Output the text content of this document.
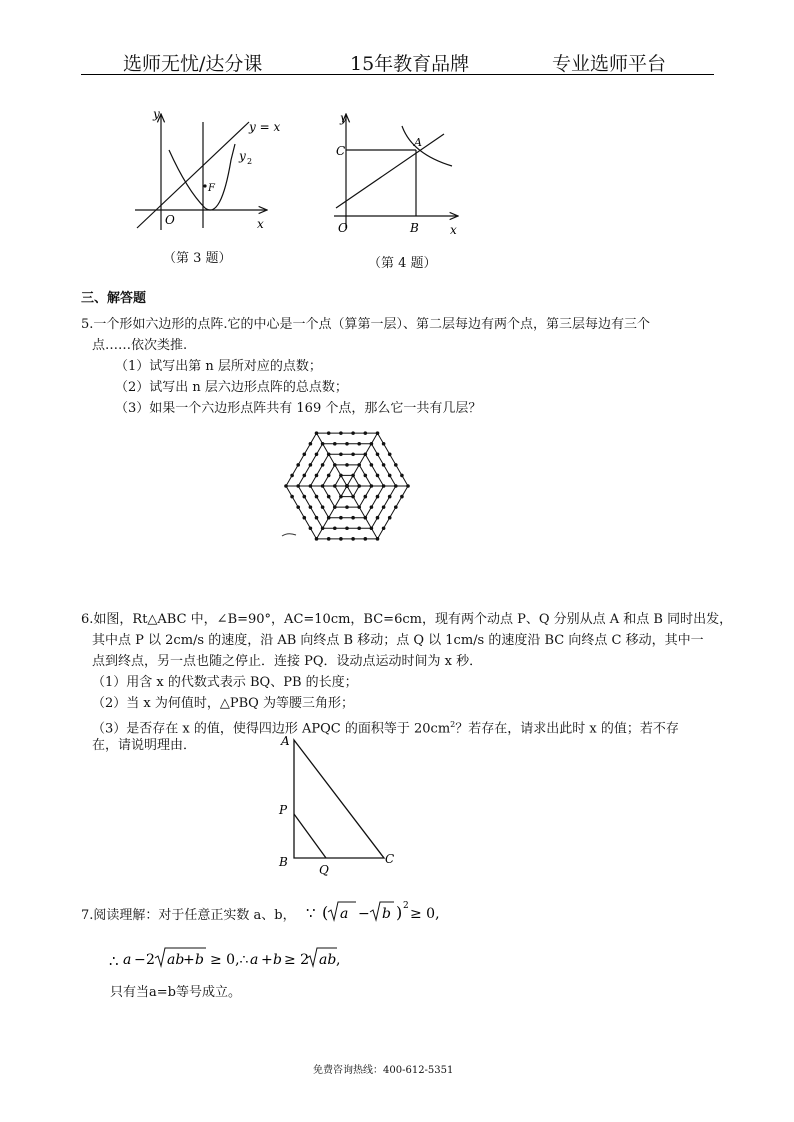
选师无忧/达分课	15年教育品牌	专业选师平台
y
x
O
y = x
y 2
F
（第 3 题）
y
x
O
C
A
B
（第 4 题）
三、解答题
5.一个形如六边形的点阵.它的中心是一个点（算第一层）、第二层每边有两个点，第三层每边有三个
点……依次类推.
（1）试写出第 n 层所对应的点数；
（2）试写出 n 层六边形点阵的总点数；
（3）如果一个六边形点阵共有 169 个点，那么它一共有几层？
6.如图，Rt△ABC 中，∠B=90°，AC=10cm，BC=6cm，现有两个动点 P、Q 分别从点 A 和点 B 同时出发，
其中点 P 以 2cm/s 的速度，沿 AB 向终点 B 移动；点 Q 以 1cm/s 的速度沿 BC 向终点 C 移动，其中一
点到终点，另一点也随之停止．连接 PQ．设动点运动时间为 x 秒．
（1）用含 x 的代数式表示 BQ、PB 的长度；
（2）当 x 为何值时，△PBQ 为等腰三角形；
（3）是否存在 x 的值，使得四边形 APQC 的面积等于 $20cm^2$？若存在，请求出此时 x 的值；若不存
在，请说明理由．	A
P
B
Q
C
7.阅读理解：对于任意正实数 a、b， ∵ ( a − b ) 2 ≥ 0,
∴ a − 2 ab
+ b ≥ 0,∴ a + b ≥ 2 ab ,
a − 2√ab + b ≥ 0, ∴ a + b ≥ 2√ab,
只有当a=b等号成立。
免费咨询热线：400-612-5351
